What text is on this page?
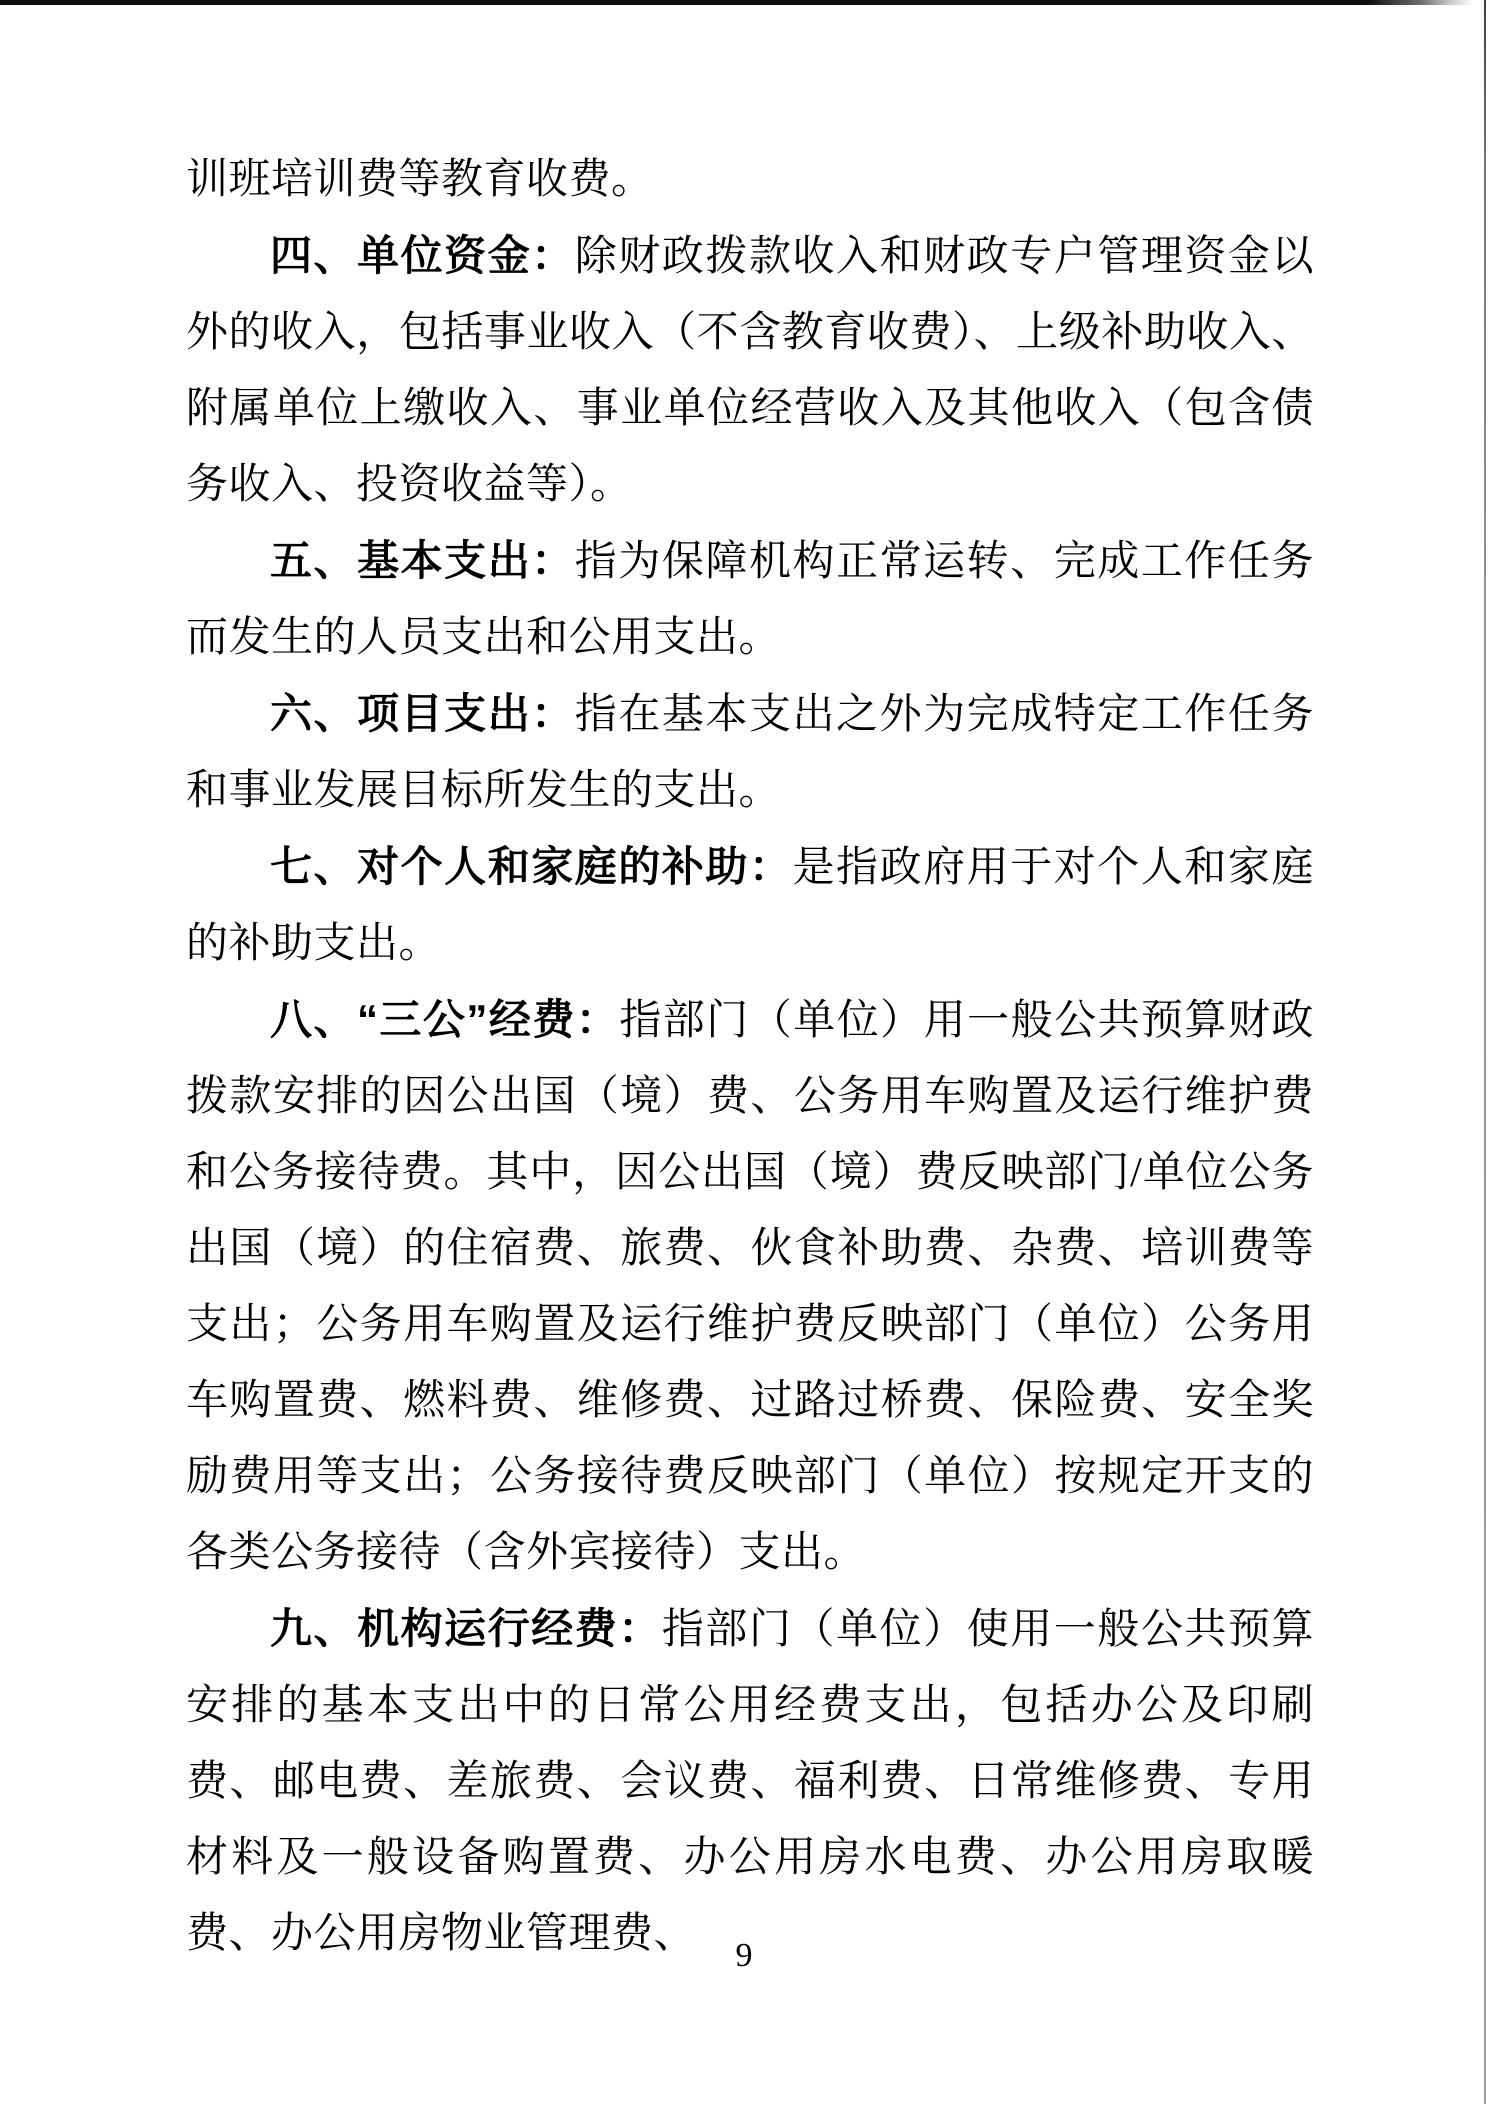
训班培训费等教育收费。

四、单位资金：除财政拨款收入和财政专户管理资金以外的收入，包括事业收入（不含教育收费）、上级补助收入、附属单位上缴收入、事业单位经营收入及其他收入（包含债务收入、投资收益等）。

五、基本支出：指为保障机构正常运转、完成工作任务而发生的人员支出和公用支出。

六、项目支出：指在基本支出之外为完成特定工作任务和事业发展目标所发生的支出。

七、对个人和家庭的补助：是指政府用于对个人和家庭的补助支出。

八、“三公”经费：指部门（单位）用一般公共预算财政拨款安排的因公出国（境）费、公务用车购置及运行维护费和公务接待费。其中，因公出国（境）费反映部门/单位公务出国（境）的住宿费、旅费、伙食补助费、杂费、培训费等支出；公务用车购置及运行维护费反映部门（单位）公务用车购置费、燃料费、维修费、过路过桥费、保险费、安全奖励费用等支出；公务接待费反映部门（单位）按规定开支的各类公务接待（含外宾接待）支出。

九、机构运行经费：指部门（单位）使用一般公共预算安排的基本支出中的日常公用经费支出，包括办公及印刷费、邮电费、差旅费、会议费、福利费、日常维修费、专用材料及一般设备购置费、办公用房水电费、办公用房取暖费、办公用房物业管理费、	9
